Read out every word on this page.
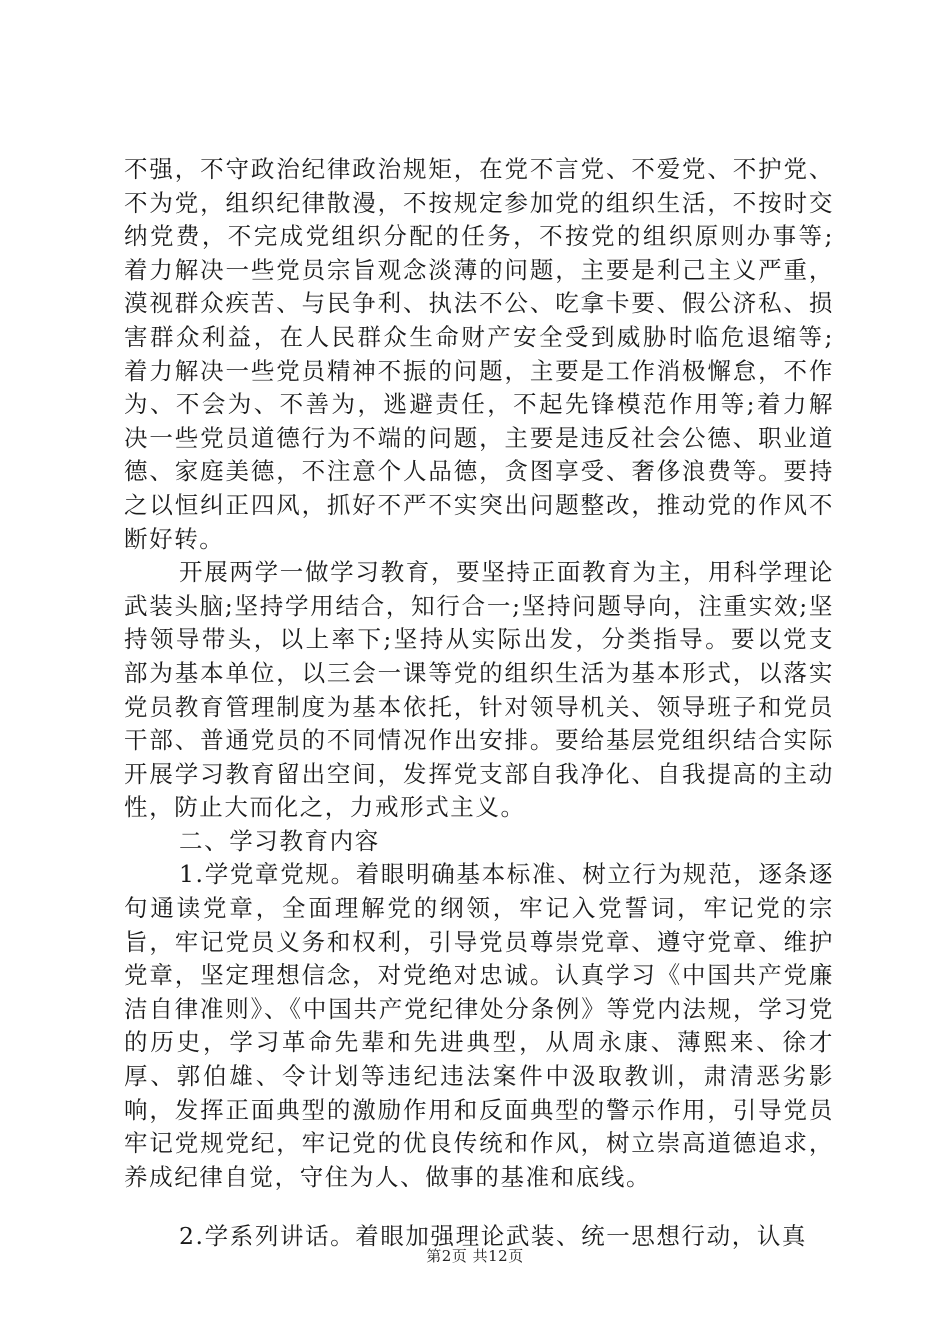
不强，不守政治纪律政治规矩，在党不言党、不爱党、不护党、不为党，组织纪律散漫，不按规定参加党的组织生活，不按时交纳党费，不完成党组织分配的任务，不按党的组织原则办事等;着力解决一些党员宗旨观念淡薄的问题，主要是利己主义严重，漠视群众疾苦、与民争利、执法不公、吃拿卡要、假公济私、损害群众利益，在人民群众生命财产安全受到威胁时临危退缩等;着力解决一些党员精神不振的问题，主要是工作消极懈怠，不作为、不会为、不善为，逃避责任，不起先锋模范作用等;着力解决一些党员道德行为不端的问题，主要是违反社会公德、职业道德、家庭美德，不注意个人品德，贪图享受、奢侈浪费等。要持之以恒纠正四风，抓好不严不实突出问题整改，推动党的作风不断好转。

开展两学一做学习教育，要坚持正面教育为主，用科学理论武装头脑;坚持学用结合，知行合一;坚持问题导向，注重实效;坚持领导带头，以上率下;坚持从实际出发，分类指导。要以党支部为基本单位，以三会一课等党的组织生活为基本形式，以落实党员教育管理制度为基本依托，针对领导机关、领导班子和党员干部、普通党员的不同情况作出安排。要给基层党组织结合实际开展学习教育留出空间，发挥党支部自我净化、自我提高的主动性，防止大而化之，力戒形式主义。

二、学习教育内容

1.学党章党规。着眼明确基本标准、树立行为规范，逐条逐句通读党章，全面理解党的纲领，牢记入党誓词，牢记党的宗旨，牢记党员义务和权利，引导党员尊崇党章、遵守党章、维护党章，坚定理想信念，对党绝对忠诚。认真学习《中国共产党廉洁自律准则》、《中国共产党纪律处分条例》等党内法规，学习党的历史，学习革命先辈和先进典型，从周永康、薄熙来、徐才厚、郭伯雄、令计划等违纪违法案件中汲取教训，肃清恶劣影响，发挥正面典型的激励作用和反面典型的警示作用，引导党员牢记党规党纪，牢记党的优良传统和作风，树立崇高道德追求，养成纪律自觉，守住为人、做事的基准和底线。

2.学系列讲话。着眼加强理论武装、统一思想行动，认真

第2页 共12页
